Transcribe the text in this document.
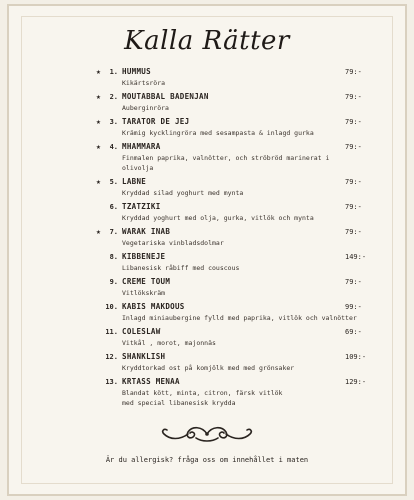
Kalla Rätter
★	1. HUMMUS	79:-
Kikärtsröra
★	2. MOUTABBAL BADENJAN	79:-
Auberginröra
★	3. TARATOR DE JEJ	79:-
Krämig kycklingröra med sesampasta & inlagd gurka
★	4. MHAMMARA	79:-
Finmalen paprika, valnötter, och ströbröd marinerat i olivolja
★	5. LABNE	79:-
Kryddad silad yoghurt med mynta
6. TZATZIKI	79:-
Kryddad yoghurt med olja, gurka, vitlök och mynta
★	7. WARAK INAB	79:-
Vegetariska vinbladsdolmar
8. KIBBENEJE	149:-
Libanesisk råbiff med couscous
9. CREME TOUM	79:-
Vitlökskräm
10. KABIS MAKDOUS	99:-
Inlagd miniaubergine fylld med paprika, vitlök och valnötter
11. COLESLAW	69:-
Vitkål , morot, majonnäs
12. SHANKLISH	109:-
Kryddtorkad ost på komjölk med med grönsaker
13. KRTASS MENAA	129:-
Blandat kött, minta, citron, färsk vitlök
med special libanesisk krydda
Är du allergisk? fråga oss om innehållet i maten
